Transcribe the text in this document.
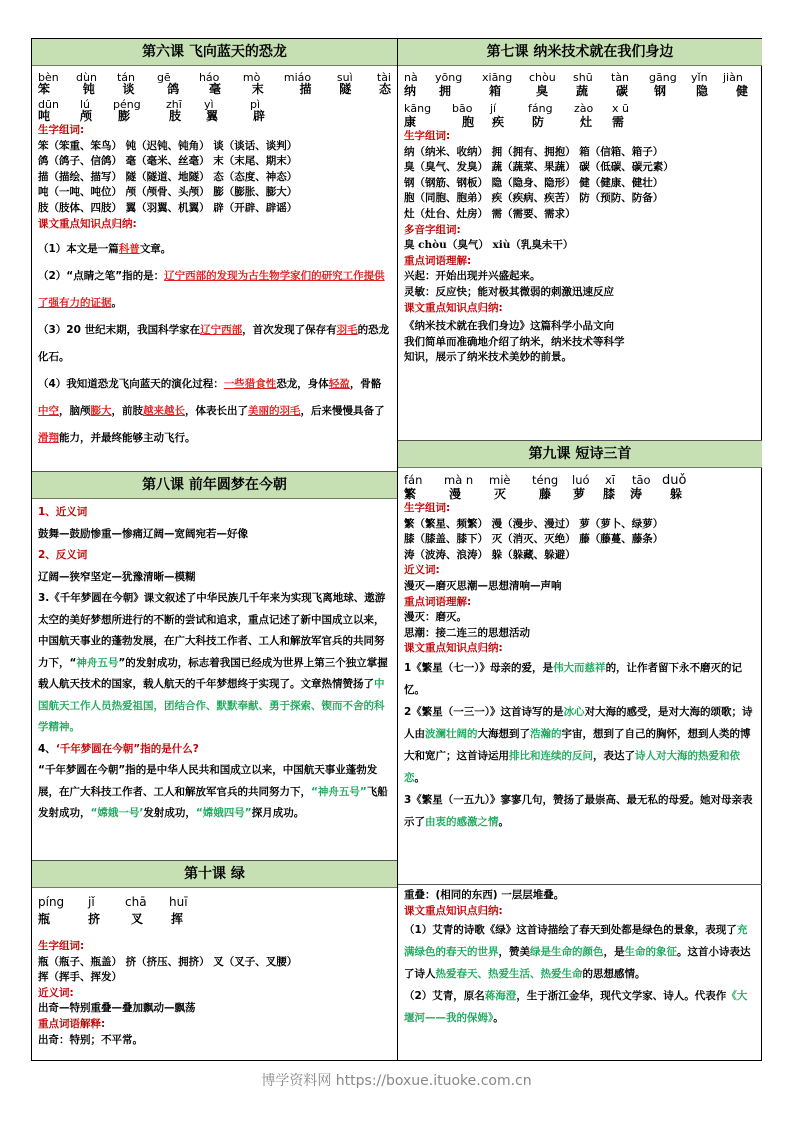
第六课 飞向蓝天的恐龙
bèn	dùn	tán	gē	háo	mò	miáo	suì	tài
笨	钝	谈	鸽	毫	末	描	隧	态
dūn	lú	péng	zhī	yì	pì
吨	颅	膨	肢	翼	辟
生字组词:
笨（笨重、笨鸟） 钝（迟钝、钝角） 谈（谈话、谈判）
鸽（鸽子、信鸽） 毫（毫米、丝毫） 末（末尾、期末）
描（描绘、描写） 隧（隧道、地隧） 态（态度、神态）
吨（一吨、吨位） 颅（颅骨、头颅） 膨（膨胀、膨大）
肢（肢体、四肢） 翼（羽翼、机翼） 辟（开辟、辟谣）
课文重点知识点归纳:
（1）本文是一篇科普文章。
（2）“点睛之笔”指的是：辽宁西部的发现为古生物学家们的研究工作提供了强有力的证据。
（3）20 世纪末期，我国科学家在辽宁西部，首次发现了保存有羽毛的恐龙化石。
（4）我知道恐龙飞向蓝天的演化过程：一些猎食性恐龙，身体轻盈，骨骼中空，脑颅膨大，前肢越来越长，体表长出了美丽的羽毛，后来慢慢具备了滑翔能力，并最终能够主动飞行。
第八课 前年圆梦在今朝
1、近义词
鼓舞—鼓励惨重—惨痛辽阔—宽阔宛若—好像
2、反义词
辽阔—狭窄坚定—犹豫清晰—模糊
3.《千年梦圆在今朝》课文叙述了中华民族几千年来为实现飞离地球、遨游太空的美好梦想所进行的不断的尝试和追求，重点记述了新中国成立以来，中国航天事业的蓬勃发展，在广大科技工作者、工人和解放军官兵的共同努力下，“神舟五号”的发射成功，标志着我国已经成为世界上第三个独立掌握载人航天技术的国家，载人航天的千年梦想终于实现了。文章热情赞扬了中国航天工作人员热爱祖国，团结合作、默默奉献、勇于探索、锲而不舍的科学精神。
4、‘千年梦圆在今朝”指的是什么?
“千年梦圆在今朝”指的是中华人民共和国成立以来，中国航天事业蓬勃发展，在广大科技工作者、工人和解放军官兵的共同努力下，“神舟五号”飞船发射成功，“嫦娥一号’发射成功，“嫦娥四号”探月成功。
第十课 绿
píng	jǐ	chā	huī
瓶	挤	叉	挥
生字组词:
瓶（瓶子、瓶盖） 挤（挤压、拥挤） 叉（叉子、叉腰）
挥（挥手、挥发）
近义词:
出奇—特别重叠—叠加飘动—飘荡
重点词语解释:
出奇：特别；不平常。
第七课 纳米技术就在我们身边
nà	yōng	xiāng	chòu	shū	tàn	gāng	yǐn	jiàn
纳	拥	箱	臭	蔬	碳	钢	隐	健
kāng	bāo	jí	fáng	zào	x ū
康	胞	疾	防	灶	需
生字组词:
纳（纳米、收纳） 拥（拥有、拥抱） 箱（信箱、箱子）
臭（臭气、发臭） 蔬（蔬菜、果蔬） 碳（低碳、碳元素）
钢（钢筋、钢板） 隐（隐身、隐形） 健（健康、健壮）
胞（同胞、胞弟） 疾（疾病、疾苦） 防（预防、防备）
灶（灶台、灶房） 需（需要、需求）
多音字组词:
臭 chòu（臭气） xiù（乳臭未干）
重点词语理解:
兴起：开始出现并兴盛起来。
灵敏：反应快；能对极其微弱的刺激迅速反应
课文重点知识点归纳:
《纳米技术就在我们身边》这篇科学小品文向
我们简单而准确地介绍了纳米，纳米技术等科学
知识，展示了纳米技术美妙的前景。
第九课 短诗三首
fán	mà n	miè	téng	luó	xī	tāo duǒ
繁	漫	灭	藤	萝	膝	涛	躲
生字组词:
繁（繁星、频繁） 漫（漫步、漫过） 萝（萝卜、绿萝）
膝（膝盖、膝下） 灭（消灭、灭绝） 藤（藤蔓、藤条）
涛（波涛、浪涛） 躲（躲藏、躲避）
近义词:
漫灭—磨灭思潮—思想清响—声响
重点词语理解:
漫灭：磨灭。
思潮：接二连三的思想活动
课文重点知识点归纳:
1《繁星（七一）》母亲的爱，是伟大而慈祥的，让作者留下永不磨灭的记忆。
2《繁星（一三一）》这首诗写的是冰心对大海的感受，是对大海的颂歌；诗人由波澜壮阔的大海想到了浩瀚的宇宙，想到了自己的胸怀，想到人类的博大和宽广；这首诗运用排比和连续的反问，表达了诗人对大海的热爱和依恋。
3《繁星（一五九）》寥寥几句，赞扬了最崇高、最无私的母爱。她对母亲表示了由衷的感激之情。
重叠：(相同的东西) 一层层堆叠。
课文重点知识点归纳:
（1）艾青的诗歌《绿》这首诗描绘了春天到处都是绿色的景象，表现了充满绿色的春天的世界，赞美绿是生命的颜色，是生命的象征。这首小诗表达了诗人热爱春天、热爱生活、热爱生命的思想感情。
（2）艾青，原名蒋海澄，生于浙江金华，现代文学家、诗人。代表作《大堰河——我的保姆》。
博学资料网 https://boxue.ituoke.com.cn
